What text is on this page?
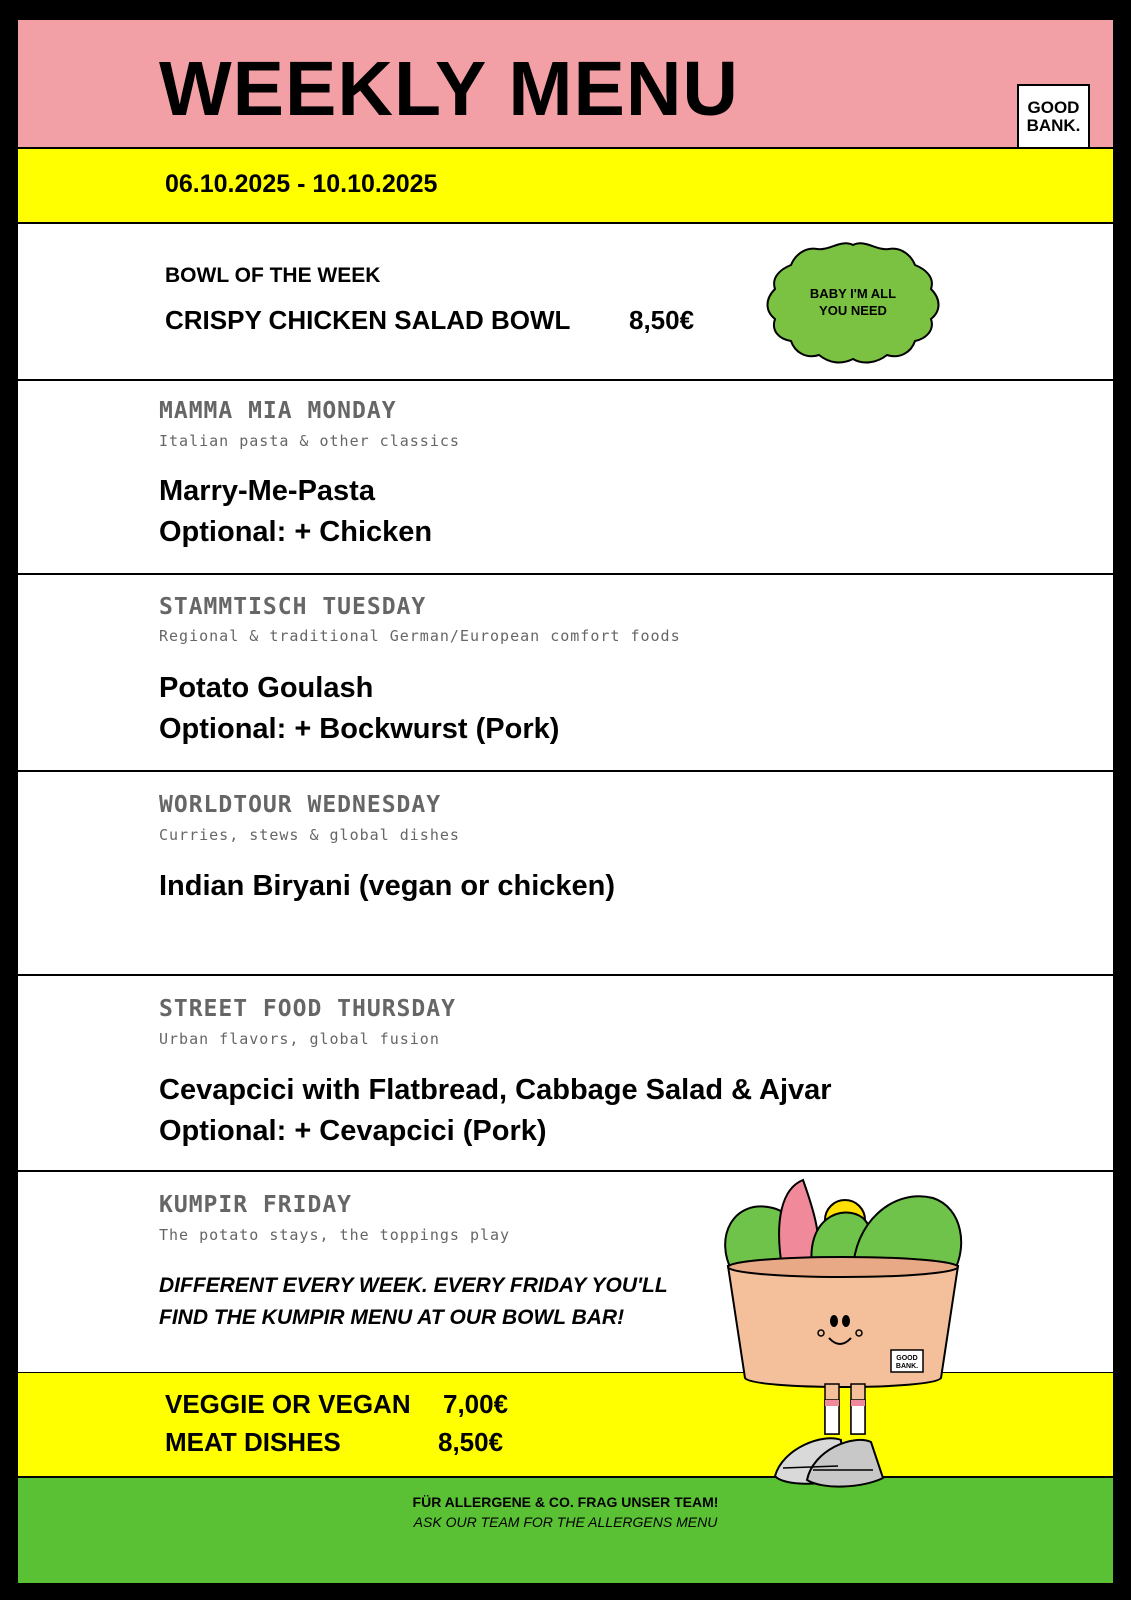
WEEKLY MENU	GOOD
BANK.
06.10.2025 - 10.10.2025
BOWL OF THE WEEK
CRISPY CHICKEN SALAD BOWL 8,50€
BABY I'M ALL
YOU NEED
MAMMA MIA MONDAY
Italian pasta & other classics
Marry-Me-Pasta
Optional: + Chicken
STAMMTISCH TUESDAY
Regional & traditional German/European comfort foods
Potato Goulash
Optional: + Bockwurst (Pork)
WORLDTOUR WEDNESDAY
Curries, stews & global dishes
Indian Biryani (vegan or chicken)
STREET FOOD THURSDAY
Urban flavors, global fusion
Cevapcici with Flatbread, Cabbage Salad & Ajvar
Optional: + Cevapcici (Pork)
KUMPIR FRIDAY
The potato stays, the toppings play
DIFFERENT EVERY WEEK. EVERY FRIDAY YOU'LL
FIND THE KUMPIR MENU AT OUR BOWL BAR!
VEGGIE OR VEGAN 7,00€
MEAT DISHES	8,50€
FÜR ALLERGENE & CO. FRAG UNSER TEAM!
ASK OUR TEAM FOR THE ALLERGENS MENU
GOOD
BANK.
